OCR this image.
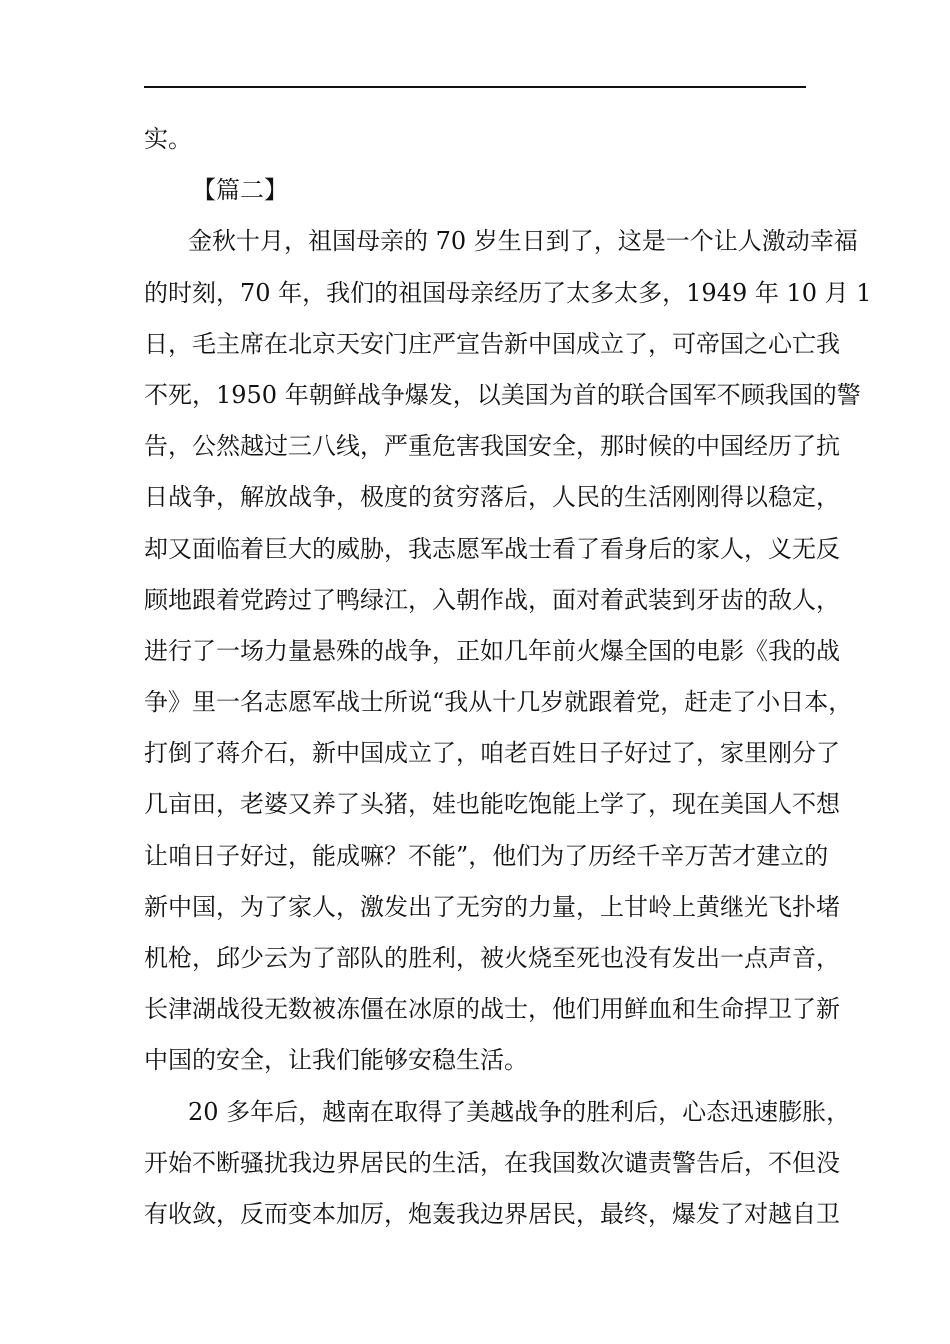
实。
【篇二】
金秋十月，祖国母亲的 70 岁生日到了，这是一个让人激动幸福
的时刻，70 年，我们的祖国母亲经历了太多太多，1949 年 10 月 1
日，毛主席在北京天安门庄严宣告新中国成立了，可帝国之心亡我
不死，1950 年朝鲜战争爆发，以美国为首的联合国军不顾我国的警
告，公然越过三八线，严重危害我国安全，那时候的中国经历了抗
日战争，解放战争，极度的贫穷落后，人民的生活刚刚得以稳定，
却又面临着巨大的威胁，我志愿军战士看了看身后的家人，义无反
顾地跟着党跨过了鸭绿江，入朝作战，面对着武装到牙齿的敌人，
进行了一场力量悬殊的战争，正如几年前火爆全国的电影《我的战
争》里一名志愿军战士所说“我从十几岁就跟着党，赶走了小日本，
打倒了蒋介石，新中国成立了，咱老百姓日子好过了，家里刚分了
几亩田，老婆又养了头猪，娃也能吃饱能上学了，现在美国人不想
让咱日子好过，能成嘛？不能”，他们为了历经千辛万苦才建立的
新中国，为了家人，激发出了无穷的力量，上甘岭上黄继光飞扑堵
机枪，邱少云为了部队的胜利，被火烧至死也没有发出一点声音，
长津湖战役无数被冻僵在冰原的战士，他们用鲜血和生命捍卫了新
中国的安全，让我们能够安稳生活。
20 多年后，越南在取得了美越战争的胜利后，心态迅速膨胀，
开始不断骚扰我边界居民的生活，在我国数次谴责警告后，不但没
有收敛，反而变本加厉，炮轰我边界居民，最终，爆发了对越自卫
